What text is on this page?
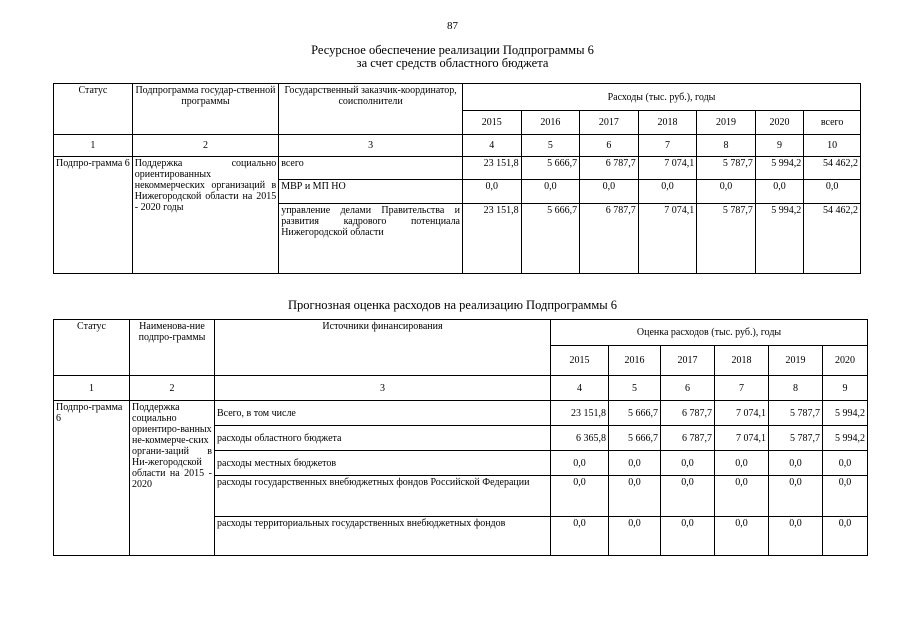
87
Ресурсное обеспечение реализации Подпрограммы 6
за счет средств областного бюджета
Статус	Подпрограмма государ-ственной программы	Государственный заказчик-координатор, соисполнители	Расходы (тыс. руб.), годы						
			2015	2016	2017	2018	2019	2020	всего
1	2	3	4	5	6	7	8	9	10
Подпро-грамма 6	Поддержка социально ориентированных некоммерческих организаций в Нижегородской области на 2015 - 2020 годы	всего	23 151,8	5 666,7	6 787,7	7 074,1	5 787,7	5 994,2	54 462,2
		МВР и МП НО	0,0	0,0	0,0	0,0	0,0	0,0	0,0
		управление делами Правительства и развития кадрового потенциала Нижегородской области	23 151,8	5 666,7	6 787,7	7 074,1	5 787,7	5 994,2	54 462,2
Прогнозная оценка расходов на реализацию Подпрограммы 6
Статус	Наименова-ние подпро-граммы	Источники финансирования	Оценка расходов (тыс. руб.), годы					
			2015	2016	2017	2018	2019	2020
1	2	3	4	5	6	7	8	9
Подпро-грамма 6	Поддержка социально ориентиро-ванных не-коммерче-ских органи-заций в Ни-жегородской области на 2015 - 2020	Всего, в том числе	23 151,8	5 666,7	6 787,7	7 074,1	5 787,7	5 994,2
		расходы областного бюджета	6 365,8	5 666,7	6 787,7	7 074,1	5 787,7	5 994,2
		расходы местных бюджетов	0,0	0,0	0,0	0,0	0,0	0,0
		расходы государственных внебюджетных фондов Российской Федерации	0,0	0,0	0,0	0,0	0,0	0,0
		расходы территориальных государственных внебюджетных фондов	0,0	0,0	0,0	0,0	0,0	0,0
